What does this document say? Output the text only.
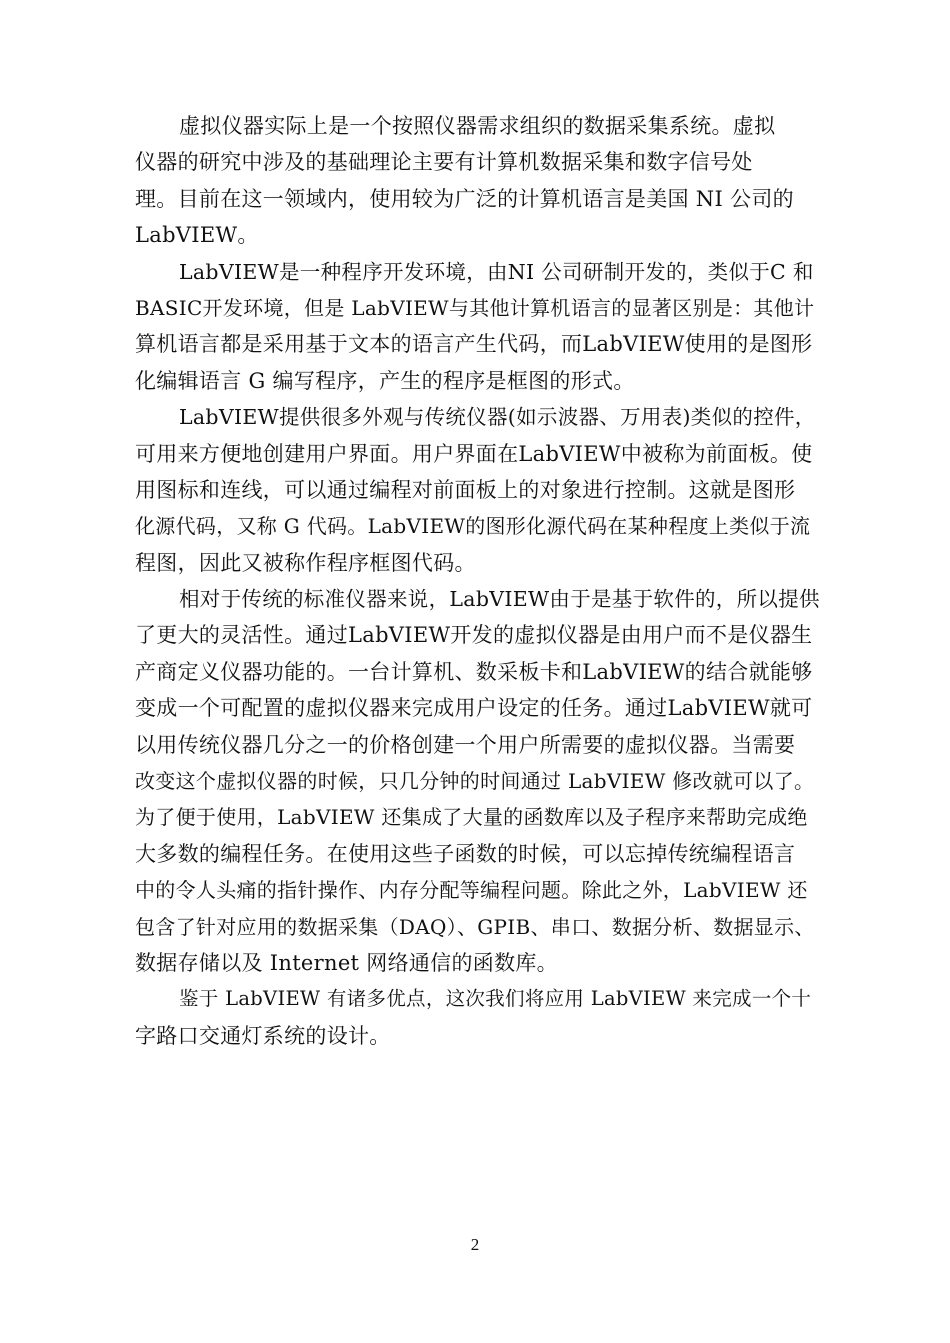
虚拟仪器实际上是一个按照仪器需求组织的数据采集系统。虚拟
仪器的研究中涉及的基础理论主要有计算机数据采集和数字信号处
理。目前在这一领域内，使用较为广泛的计算机语言是美国 NI 公司的
LabVIEW。

LabVIEW是一种程序开发环境，由NI 公司研制开发的，类似于C 和
BASIC开发环境，但是 LabVIEW与其他计算机语言的显著区别是：其他计
算机语言都是采用基于文本的语言产生代码，而LabVIEW使用的是图形
化编辑语言 G 编写程序，产生的程序是框图的形式。

LabVIEW提供很多外观与传统仪器(如示波器、万用表)类似的控件，
可用来方便地创建用户界面。用户界面在LabVIEW中被称为前面板。使
用图标和连线，可以通过编程对前面板上的对象进行控制。这就是图形
化源代码，又称 G 代码。LabVIEW的图形化源代码在某种程度上类似于流
程图，因此又被称作程序框图代码。

相对于传统的标准仪器来说，LabVIEW由于是基于软件的，所以提供
了更大的灵活性。通过LabVIEW开发的虚拟仪器是由用户而不是仪器生
产商定义仪器功能的。一台计算机、数采板卡和LabVIEW的结合就能够
变成一个可配置的虚拟仪器来完成用户设定的任务。通过LabVIEW就可
以用传统仪器几分之一的价格创建一个用户所需要的虚拟仪器。当需要
改变这个虚拟仪器的时候，只几分钟的时间通过 LabVIEW 修改就可以了。
为了便于使用，LabVIEW 还集成了大量的函数库以及子程序来帮助完成绝
大多数的编程任务。在使用这些子函数的时候，可以忘掉传统编程语言
中的令人头痛的指针操作、内存分配等编程问题。除此之外，LabVIEW 还
包含了针对应用的数据采集（DAQ）、GPIB、串口、数据分析、数据显示、
数据存储以及 Internet 网络通信的函数库。

鉴于 LabVIEW 有诸多优点，这次我们将应用 LabVIEW 来完成一个十
字路口交通灯系统的设计。

2
